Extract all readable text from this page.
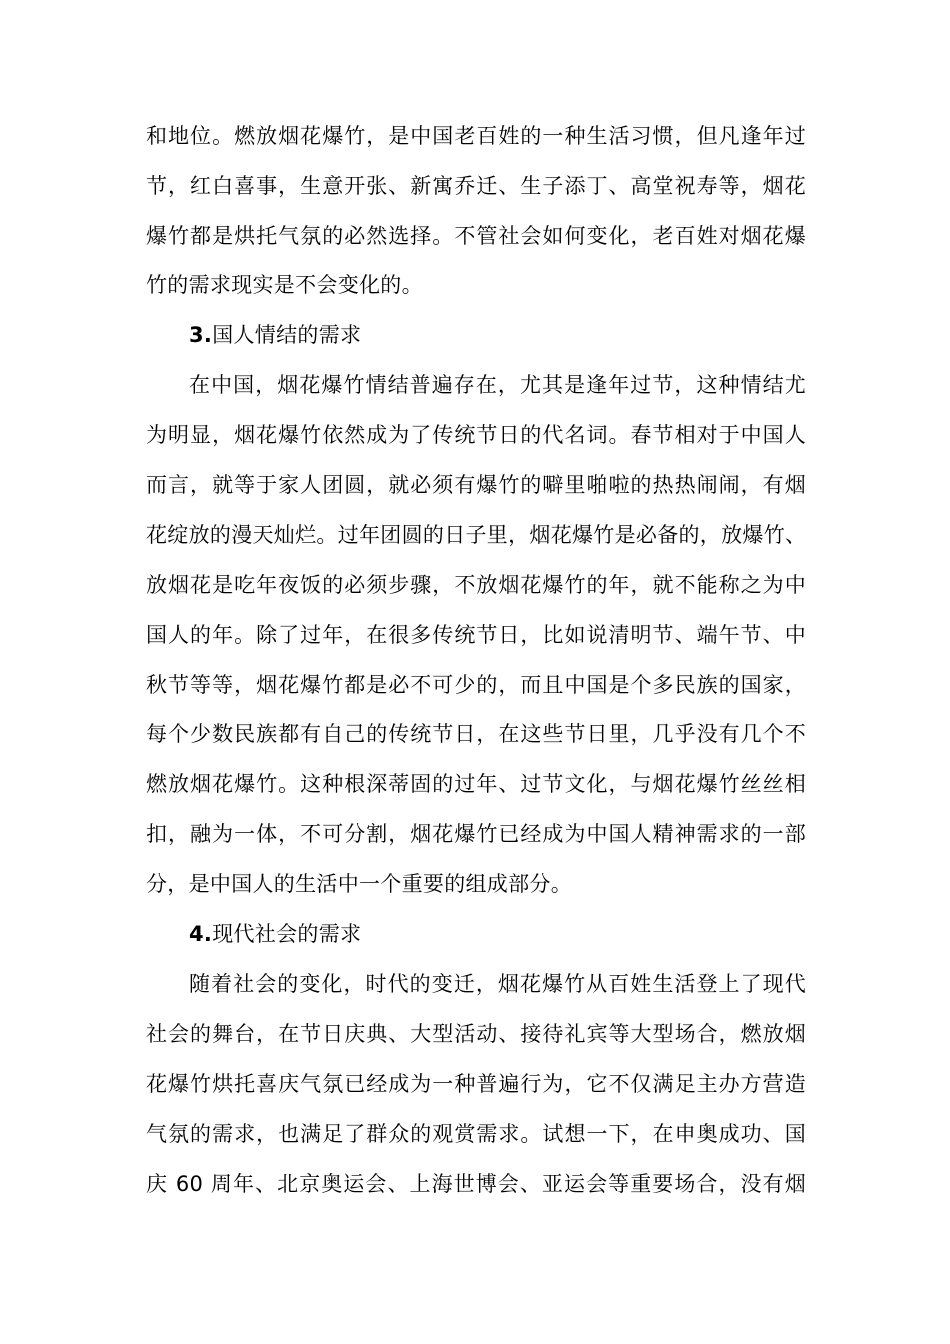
和地位。燃放烟花爆竹，是中国老百姓的一种生活习惯，但凡逢年过
节，红白喜事，生意开张、新寓乔迁、生子添丁、高堂祝寿等，烟花
爆竹都是烘托气氛的必然选择。不管社会如何变化，老百姓对烟花爆
竹的需求现实是不会变化的。
3.国人情结的需求
在中国，烟花爆竹情结普遍存在，尤其是逢年过节，这种情结尤
为明显，烟花爆竹依然成为了传统节日的代名词。春节相对于中国人
而言，就等于家人团圆，就必须有爆竹的噼里啪啦的热热闹闹，有烟
花绽放的漫天灿烂。过年团圆的日子里，烟花爆竹是必备的，放爆竹、
放烟花是吃年夜饭的必须步骤，不放烟花爆竹的年，就不能称之为中
国人的年。除了过年，在很多传统节日，比如说清明节、端午节、中
秋节等等，烟花爆竹都是必不可少的，而且中国是个多民族的国家，
每个少数民族都有自己的传统节日，在这些节日里，几乎没有几个不
燃放烟花爆竹。这种根深蒂固的过年、过节文化，与烟花爆竹丝丝相
扣，融为一体，不可分割，烟花爆竹已经成为中国人精神需求的一部
分，是中国人的生活中一个重要的组成部分。
4.现代社会的需求
随着社会的变化，时代的变迁，烟花爆竹从百姓生活登上了现代
社会的舞台，在节日庆典、大型活动、接待礼宾等大型场合，燃放烟
花爆竹烘托喜庆气氛已经成为一种普遍行为，它不仅满足主办方营造
气氛的需求，也满足了群众的观赏需求。试想一下，在申奥成功、国
庆 60 周年、北京奥运会、上海世博会、亚运会等重要场合，没有烟
